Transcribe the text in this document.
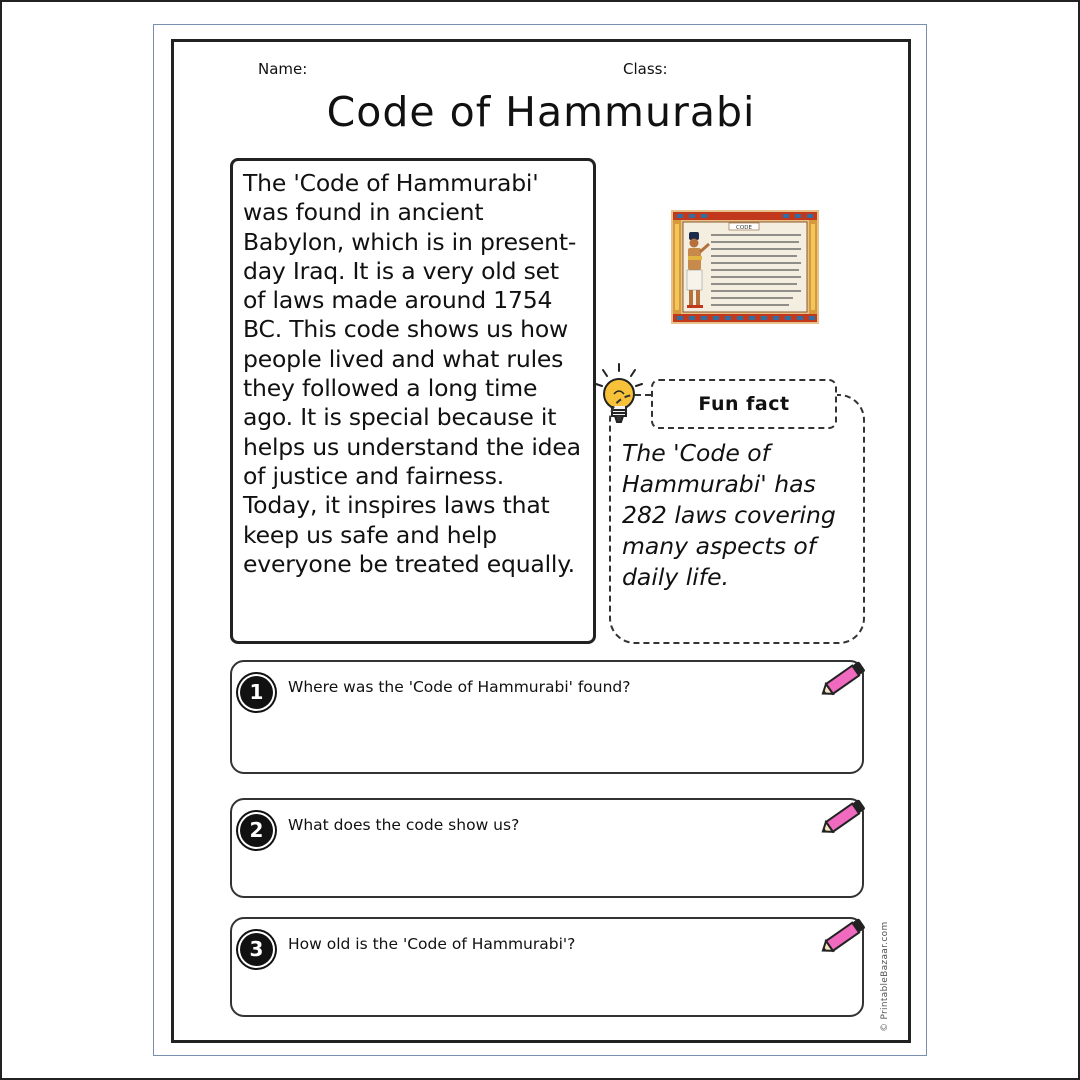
Name:	Class:
Code of Hammurabi

The 'Code of Hammurabi' was found in ancient Babylon, which is in present-day Iraq. It is a very old set of laws made around 1754 BC. This code shows us how people lived and what rules they followed a long time ago. It is special because it helps us understand the idea of justice and fairness. Today, it inspires laws that keep us safe and help everyone be treated equally.

CODE
Fun fact

The 'Code of Hammurabi' has 282 laws covering many aspects of daily life.

1	Where was the 'Code of Hammurabi' found?
2	What does the code show us?
3	How old is the 'Code of Hammurabi'?	© PrintableBazaar.com
